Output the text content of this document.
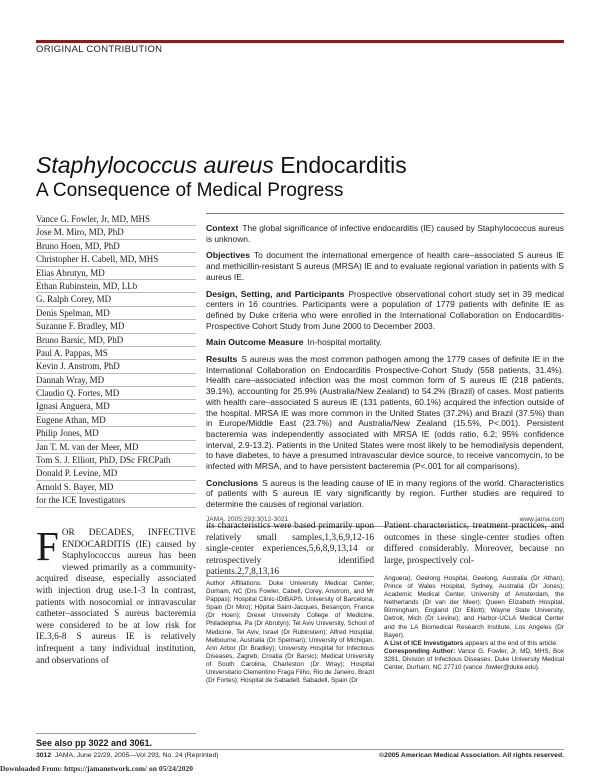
ORIGINAL CONTRIBUTION
Staphylococcus aureus Endocarditis
A Consequence of Medical Progress
Vance G. Fowler, Jr, MD, MHS
Jose M. Miro, MD, PhD
Bruno Hoen, MD, PhD
Christopher H. Cabell, MD, MHS
Elias Abrutyn, MD
Ethan Rubinstein, MD, LLb
G. Ralph Corey, MD
Denis Spelman, MD
Suzanne F. Bradley, MD
Bruno Barsic, MD, PhD
Paul A. Pappas, MS
Kevin J. Anstrom, PhD
Dannah Wray, MD
Claudio Q. Fortes, MD
Ignasi Anguera, MD
Eugene Athan, MD
Philip Jones, MD
Jan T. M. van der Meer, MD
Tom S. J. Elliott, PhD, DSc FRCPath
Donald P. Levine, MD
Arnold S. Bayer, MD
for the ICE Investigators

Context The global significance of infective endocarditis (IE) caused by Staphylococcus aureus is unknown.

Objectives To document the international emergence of health care–associated S aureus IE and methicillin-resistant S aureus (MRSA) IE and to evaluate regional variation in patients with S aureus IE.

Design, Setting, and Participants Prospective observational cohort study set in 39 medical centers in 16 countries. Participants were a population of 1779 patients with definite IE as defined by Duke criteria who were enrolled in the International Collaboration on Endocarditis-Prospective Cohort Study from June 2000 to December 2003.

Main Outcome Measure In-hospital mortality.

Results S aureus was the most common pathogen among the 1779 cases of definite IE in the International Collaboration on Endocarditis Prospective-Cohort Study (558 patients, 31.4%). Health care–associated infection was the most common form of S aureus IE (218 patients, 39.1%), accounting for 25.9% (Australia/New Zealand) to 54.2% (Brazil) of cases. Most patients with health care–associated S aureus IE (131 patients, 60.1%) acquired the infection outside of the hospital. MRSA IE was more common in the United States (37.2%) and Brazil (37.5%) than in Europe/Middle East (23.7%) and Australia/New Zealand (15.5%, P<.001). Persistent bacteremia was independently associated with MRSA IE (odds ratio, 6.2; 95% confidence interval, 2.9-13.2). Patients in the United States were most likely to be hemodialysis dependent, to have diabetes, to have a presumed intravascular device source, to receive vancomycin, to be infected with MRSA, and to have persistent bacteremia (P<.001 for all comparisons).

Conclusions S aureus is the leading cause of IE in many regions of the world. Characteristics of patients with S aureus IE vary significantly by region. Further studies are required to determine the causes of regional variation.

JAMA. 2005;293:3012-3021	www.jama.com

FOR DECADES, INFECTIVE ENDOCARDITIS (IE) caused by Staphylococcus aureus has been viewed primarily as a community-acquired disease, especially associated with injection drug use.1-3 In contrast, patients with nosocomial or intravascular catheter–associated S aureus bacteremia were considered to be at low risk for IE.3,6-8 S aureus IE is relatively infrequent a tany individual institution, and observations of

See also pp 3022 and 3061.

its characteristics were based primarily upon relatively small samples,1,3,6,9,12-16 single-center experiences,5,6,8,9,13,14 or retrospectively identified patients.2,7,8,13,16

Patient characteristics, treatment practices, and outcomes in these single-center studies often differed considerably. Moreover, because no large, prospectively col-

Author Affiliations: Duke University Medical Center, Durham, NC (Drs Fowler, Cabell, Corey, Anstrom, and Mr Pappas); Hospital Clinic-IDIBAPS, University of Barcelona, Spain (Dr Miro); Hôpital Saint-Jacques, Besançon, France (Dr Hoen); Drexel University College of Medicine, Philadelphia, Pa (Dr Abrutyn); Tel Aviv University, School of Medicine, Tel Aviv, Israel (Dr Rubinstein); Alfred Hospital, Melbourne, Australia (Dr Spelman); University of Michigan, Ann Arbor (Dr Bradley); University Hospital for Infectious Diseases, Zagreb, Croatia (Dr Barsic); Medical University of South Carolina, Charleston (Dr Wray); Hospital Universitario Clementino Fraga Filho, Rio de Janeiro, Brazil (Dr Fortes); Hospital de Sabadell, Sabadell, Spain (Dr

Anguera); Geelong Hospital, Geelong, Australia (Dr Athan); Prince of Wales Hospital, Sydney, Australia (Dr Jones); Academic Medical Center, University of Amsterdam, the Netherlands (Dr van der Meer); Queen Elizabeth Hospital, Birmingham, England (Dr Elliott); Wayne State University, Detroit, Mich (Dr Levine); and Harbor-UCLA Medical Center and the LA Biomedical Research Institute, Los Angeles (Dr Bayer).

A List of ICE Investigators appears at the end of this article.

Corresponding Author: Vance G. Fowler, Jr, MD, MHS, Box 3281, Division of Infectious Diseases, Duke University Medical Center, Durham, NC 27710 (vance .fowler@duke.edu).

3012 JAMA, June 22/29, 2005—Vol 293, No. 24 (Reprinted)	©2005 American Medical Association. All rights reserved.
Downloaded From: https://jamanetwork.com/ on 05/24/2020
